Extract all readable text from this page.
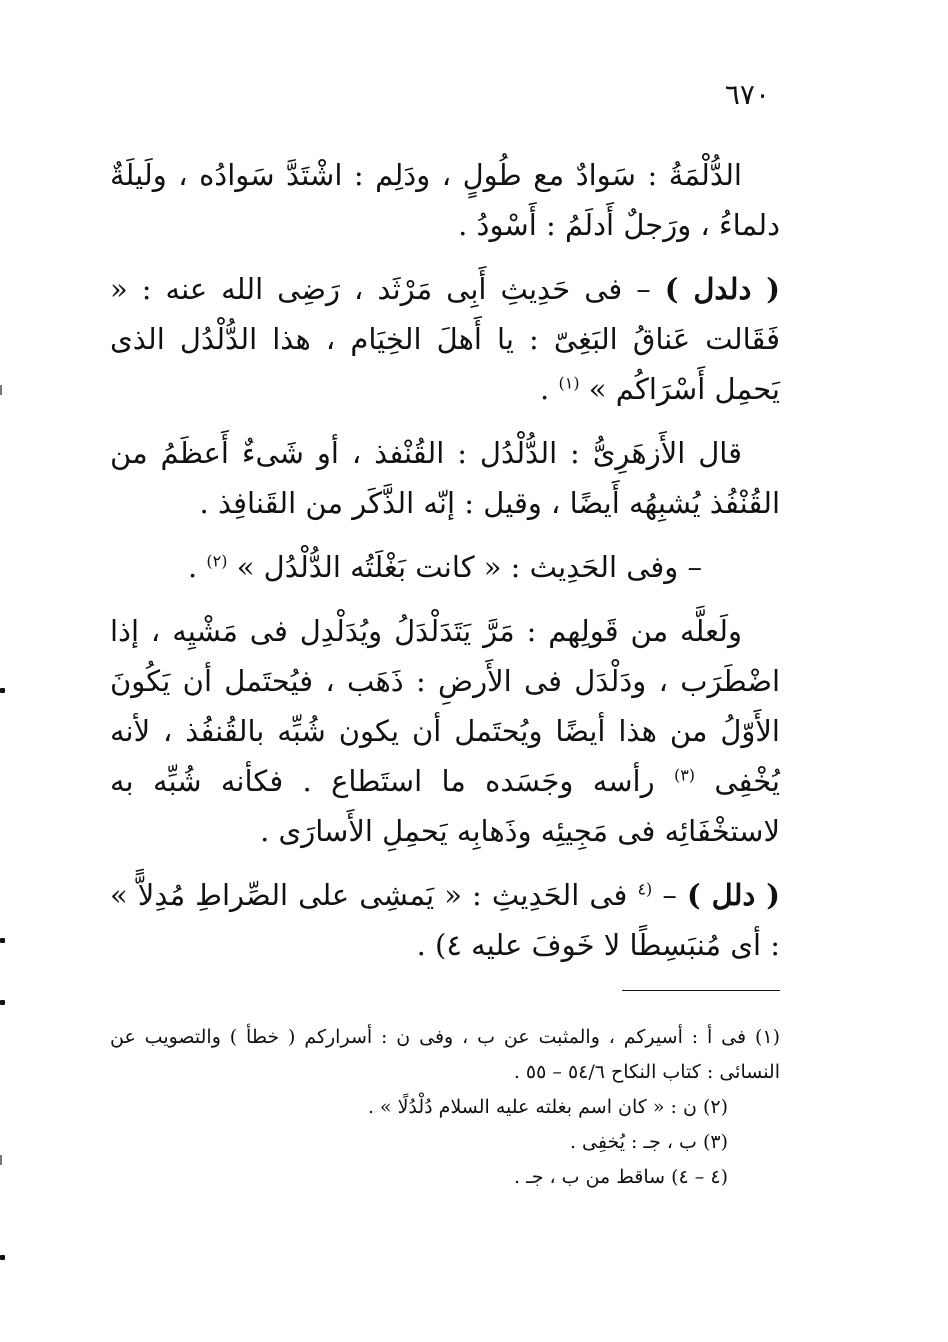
٦٧٠

الدُّلْمَةُ : سَوادٌ مع طُولٍ ، ودَلِم : اشْتَدَّ سَوادُه ، ولَيلَةٌ دلماءُ ، ورَجلٌ أَدلَمُ : أَسْودُ .

( دلدل ) – فى حَدِيثِ أَبِى مَرْثَد ، رَضِى الله عنه : « فَقَالت عَناقُ البَغِىّ : يا أَهلَ الخِيَام ، هذا الدُّلْدُل الذى يَحمِل أَسْرَاكُم » $^{(١)}$ .

قال الأَزهَرِىُّ : الدُّلْدُل : القُنْفذ ، أو شَىءٌ أَعظَمُ من القُنْفُذ يُشبِهُه أَيضًا ، وقيل : إنّه الذَّكَر من القَنافِذ .

– وفى الحَدِيث : « كانت بَغْلَتُه الدُّلْدُل » $^{(٢)}$ .

ولَعلَّه من قَولِهم : مَرَّ يَتَدَلْدَلُ ويُدَلْدِل فى مَشْيِه ، إذا اضْطَرَب ، ودَلْدَل فى الأَرضِ : ذَهَب ، فيُحتَمل أن يَكُونَ الأَوّلُ من هذا أيضًا ويُحتَمل أن يكون شُبِّه بالقُنفُذ ، لأنه يُخْفِى $^{(٣)}$ رأسه وجَسَده ما استَطاع . فكأنه شُبِّه به لاستخْفَائِه فى مَجِيئِه وذَهابِه يَحمِلِ الأَسارَى .

( دلل ) – $^{(٤}$ فى الحَدِيثِ : « يَمشِى على الصِّراطِ مُدِلاًّ » : أى مُنبَسِطًا لا خَوفَ عليه ٤) .

(١) فى أ : أسيركم ، والمثبت عن ب ، وفى ن : أسراركم ( خطأ ) والتصويب عن النسائى : كتاب النكاح ٥٤/٦ – ٥٥ .

(٢) ن : « كان اسم بغلته عليه السلام دُلْدُلًا » .

(٣) ب ، جـ : يُخفِى .

(٤ – ٤) ساقط من ب ، جـ .
